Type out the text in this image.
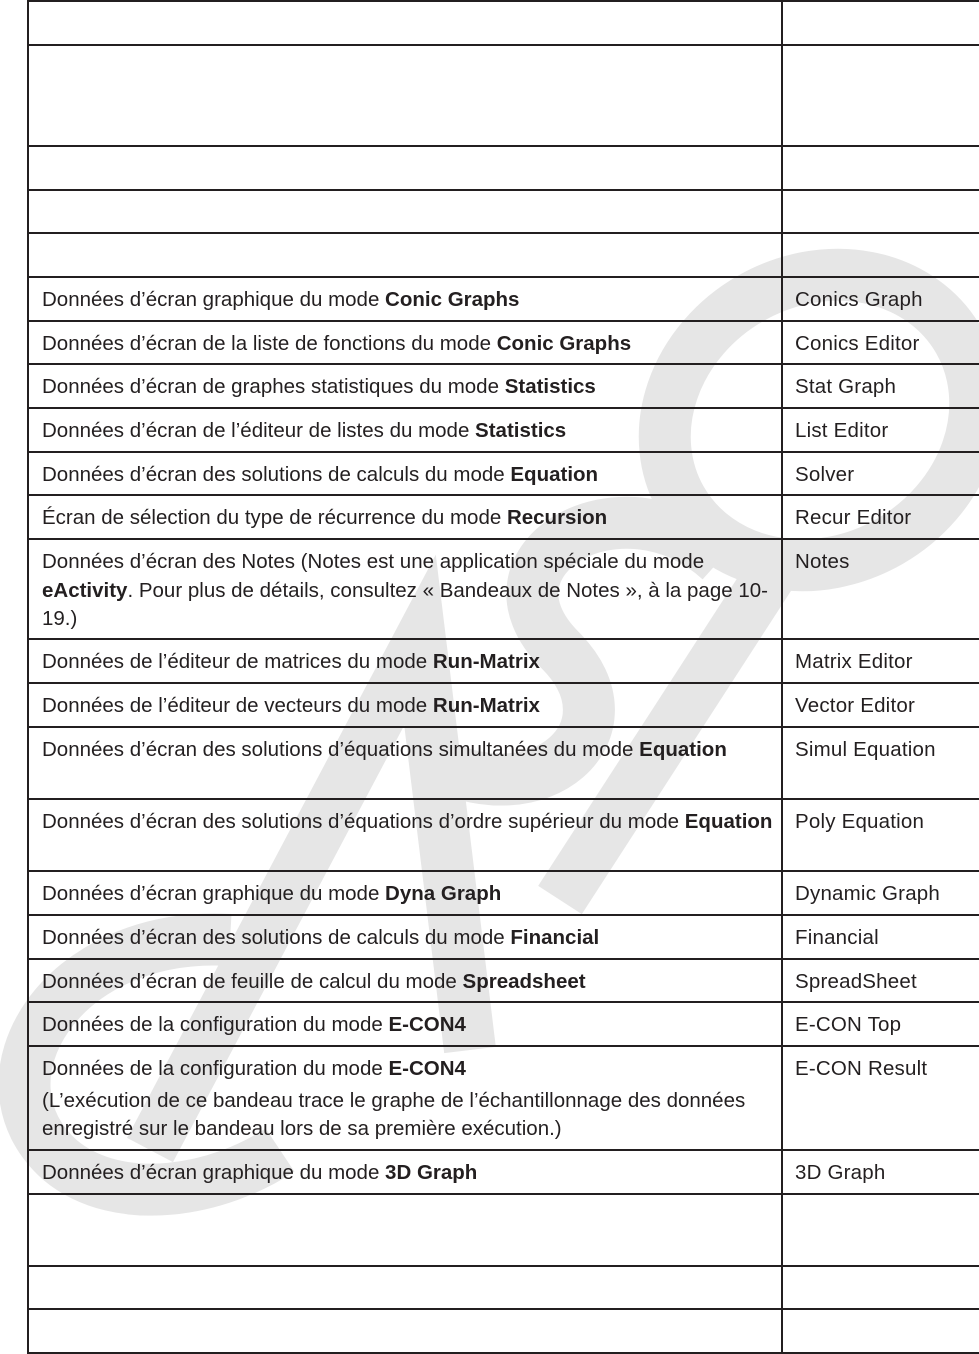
Données d’écran graphique du mode Conic Graphs	Conics Graph

Données d’écran de la liste de fonctions du mode Conic Graphs	Conics Editor

Données d’écran de graphes statistiques du mode Statistics	Stat Graph

Données d’écran de l’éditeur de listes du mode Statistics	List Editor

Données d’écran des solutions de calculs du mode Equation	Solver

Écran de sélection du type de récurrence du mode Recursion	Recur Editor

Données d’écran des Notes (Notes est une application spéciale du mode eActivity. Pour plus de détails, consultez « Bandeaux de Notes », à la page 10-19.)	Notes

Données de l’éditeur de matrices du mode Run-Matrix	Matrix Editor

Données de l’éditeur de vecteurs du mode Run-Matrix	Vector Editor

Données d’écran des solutions d’équations simultanées du mode Equation	Simul Equation

Données d’écran des solutions d’équations d’ordre supérieur du mode Equation	Poly Equation

Données d’écran graphique du mode Dyna Graph	Dynamic Graph

Données d’écran des solutions de calculs du mode Financial	Financial

Données d’écran de feuille de calcul du mode Spreadsheet	SpreadSheet

Données de la configuration du mode E-CON4	E-CON Top

Données de la configuration du mode E-CON4
(L’exécution de ce bandeau trace le graphe de l’échantillonnage des données enregistré sur le bandeau lors de sa première exécution.)	E-CON Result

Données d’écran graphique du mode 3D Graph	3D Graph
